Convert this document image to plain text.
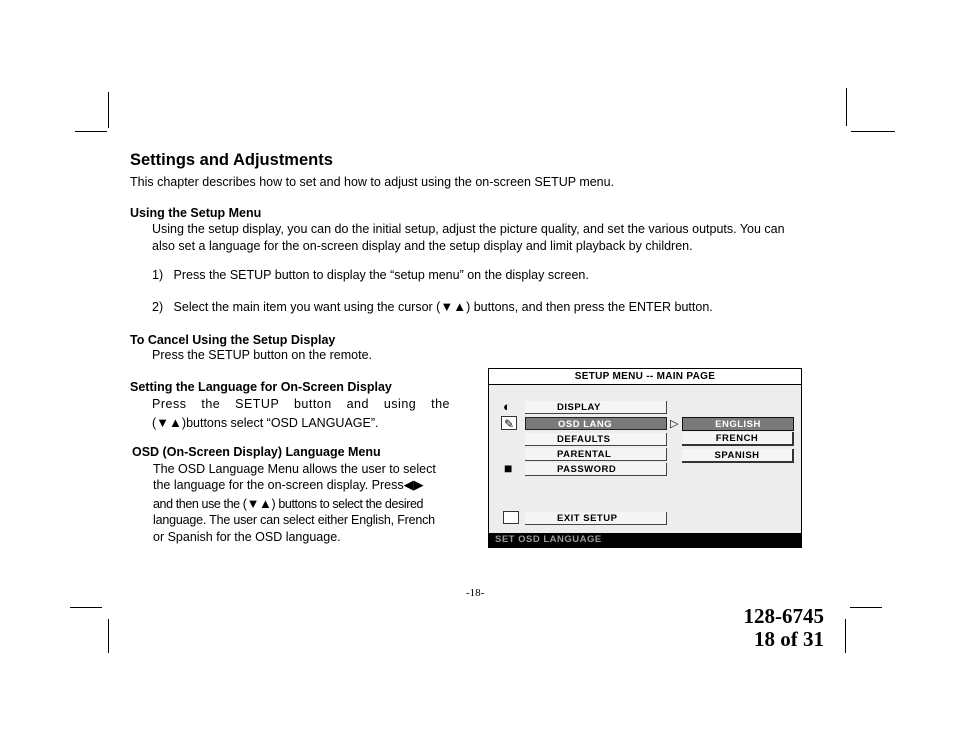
Settings and Adjustments
This chapter describes how to set and how to adjust using the on-screen SETUP menu.
Using the Setup Menu
Using the setup display, you can do the initial setup, adjust the picture quality, and set the various outputs. You can
also set a language for the on-screen display and the setup display and limit playback by children.
1) Press the SETUP button to display the “setup menu” on the display screen.
2) Select the main item you want using the cursor (▼▲) buttons, and then press the ENTER button.
To Cancel Using the Setup Display
Press the SETUP button on the remote.
Setting the Language for On-Screen Display
Press the SETUP button and using the
(▼▲)buttons select “OSD LANGUAGE”.
OSD (On-Screen Display) Language Menu
The OSD Language Menu allows the user to select
the language for the on-screen display. Press◀▶
and then use the (▼▲) buttons to select the desired
language. The user can select either English, French
or Spanish for the OSD language.
SETUP MENU -- MAIN PAGE
◐
✎
■
DISPLAY
OSD LANG
DEFAULTS
PARENTAL
PASSWORD
EXIT SETUP
▷	ENGLISH
FRENCH
SPANISH
SET OSD LANGUAGE
-18-
128-6745
18 of 31
